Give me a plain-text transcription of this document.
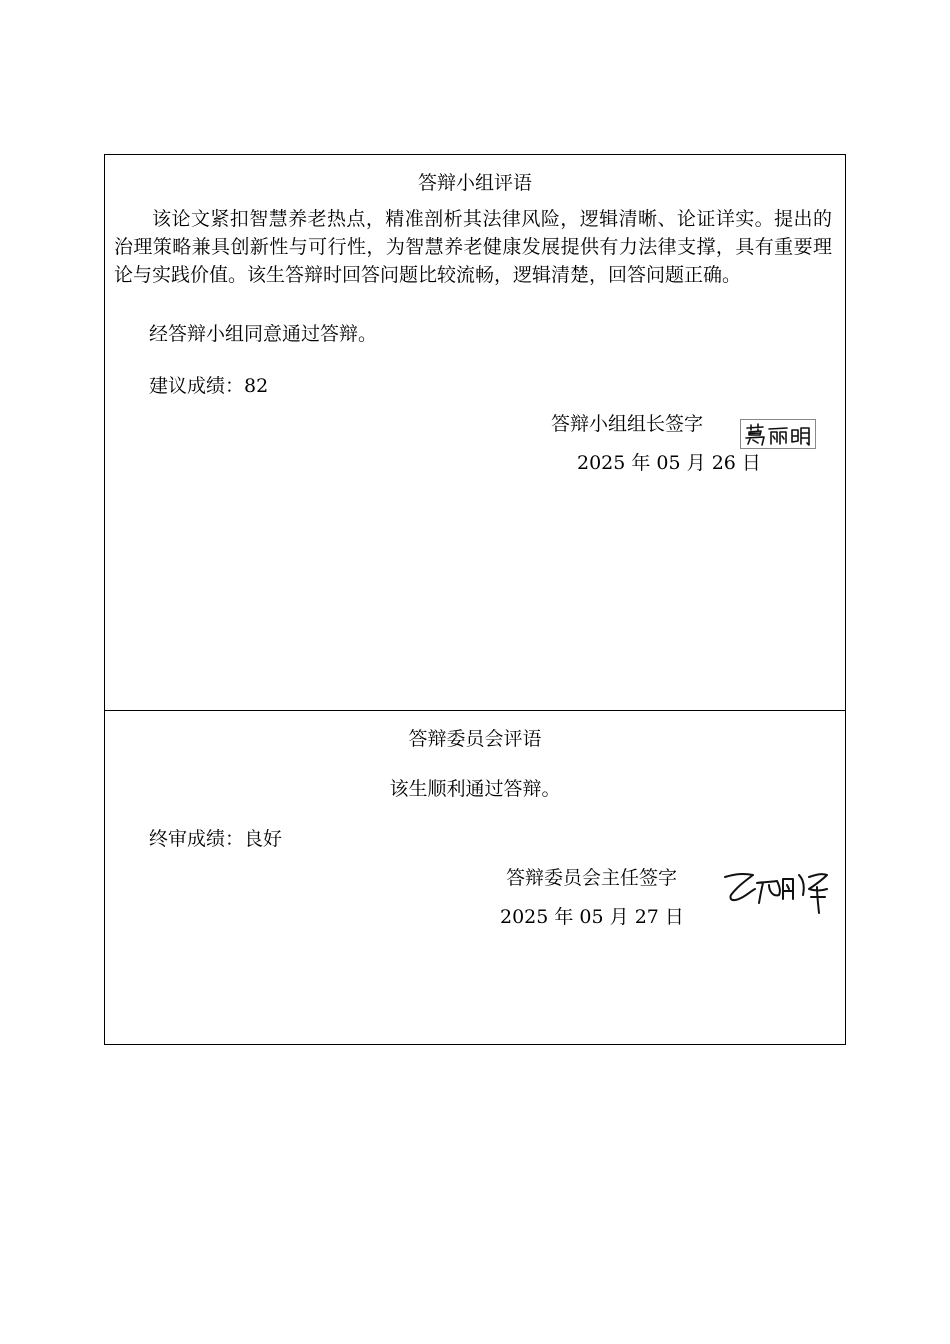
答辩小组评语

该论文紧扣智慧养老热点，精准剖析其法律风险，逻辑清晰、论证详实。提出的治理策略兼具创新性与可行性，为智慧养老健康发展提供有力法律支撑，具有重要理论与实践价值。该生答辩时回答问题比较流畅，逻辑清楚，回答问题正确。

经答辩小组同意通过答辩。
建议成绩：82
答辩小组组长签字
2025 年 05 月 26 日
答辩委员会评语
该生顺利通过答辩。
终审成绩：良好
答辩委员会主任签字
2025 年 05 月 27 日
